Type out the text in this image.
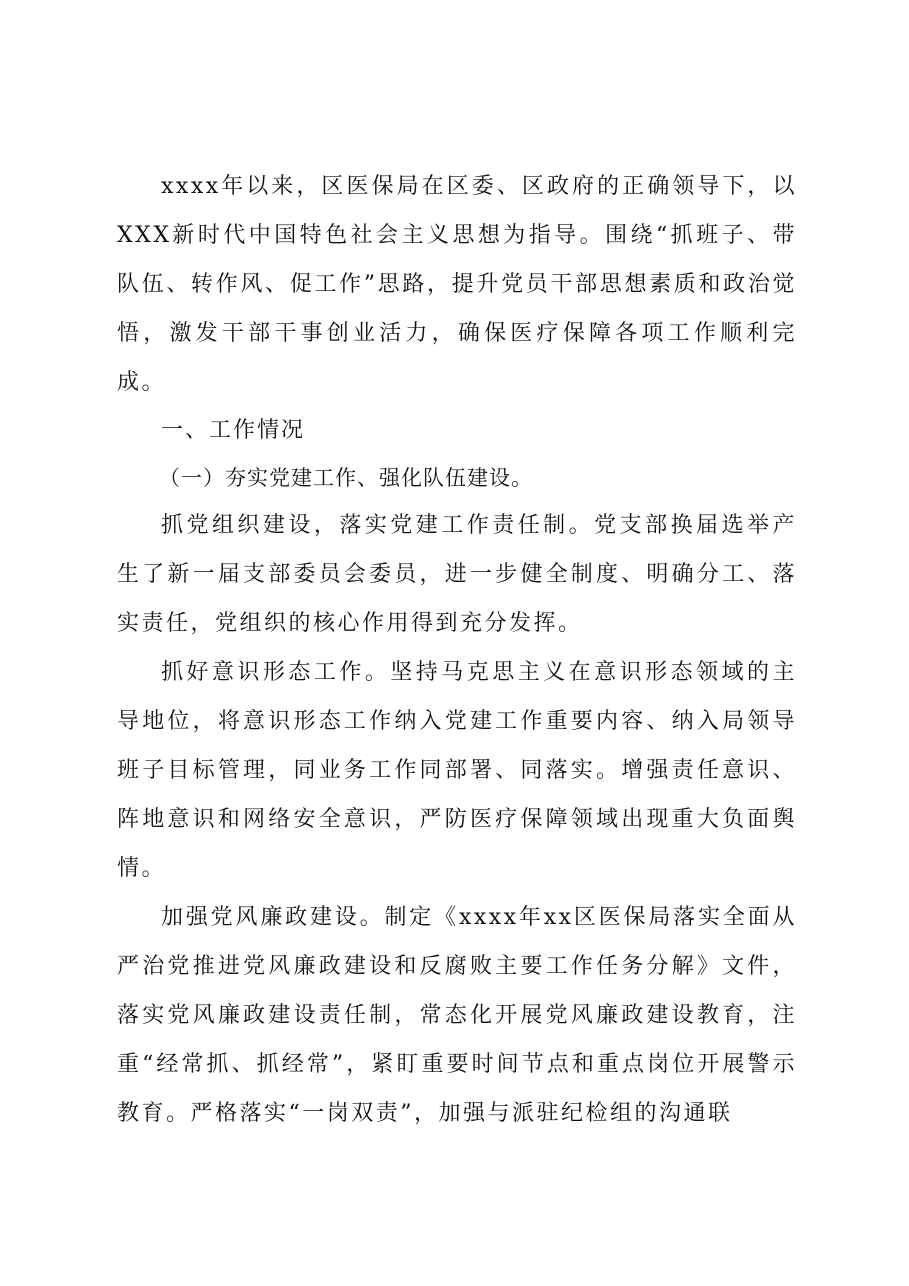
xxxx年以来，区医保局在区委、区政府的正确领导下，以XXX新时代中国特色社会主义思想为指导。围绕“抓班子、带队伍、转作风、促工作”思路，提升党员干部思想素质和政治觉悟，激发干部干事创业活力，确保医疗保障各项工作顺利完成。

一、工作情况

（一）夯实党建工作、强化队伍建设。

抓党组织建设，落实党建工作责任制。党支部换届选举产生了新一届支部委员会委员，进一步健全制度、明确分工、落实责任，党组织的核心作用得到充分发挥。

抓好意识形态工作。坚持马克思主义在意识形态领域的主导地位，将意识形态工作纳入党建工作重要内容、纳入局领导班子目标管理，同业务工作同部署、同落实。增强责任意识、阵地意识和网络安全意识，严防医疗保障领域出现重大负面舆情。

加强党风廉政建设。制定《xxxx年xx区医保局落实全面从严治党推进党风廉政建设和反腐败主要工作任务分解》文件，落实党风廉政建设责任制，常态化开展党风廉政建设教育，注重“经常抓、抓经常”，紧盯重要时间节点和重点岗位开展警示教育。严格落实“一岗双责”，加强与派驻纪检组的沟通联
